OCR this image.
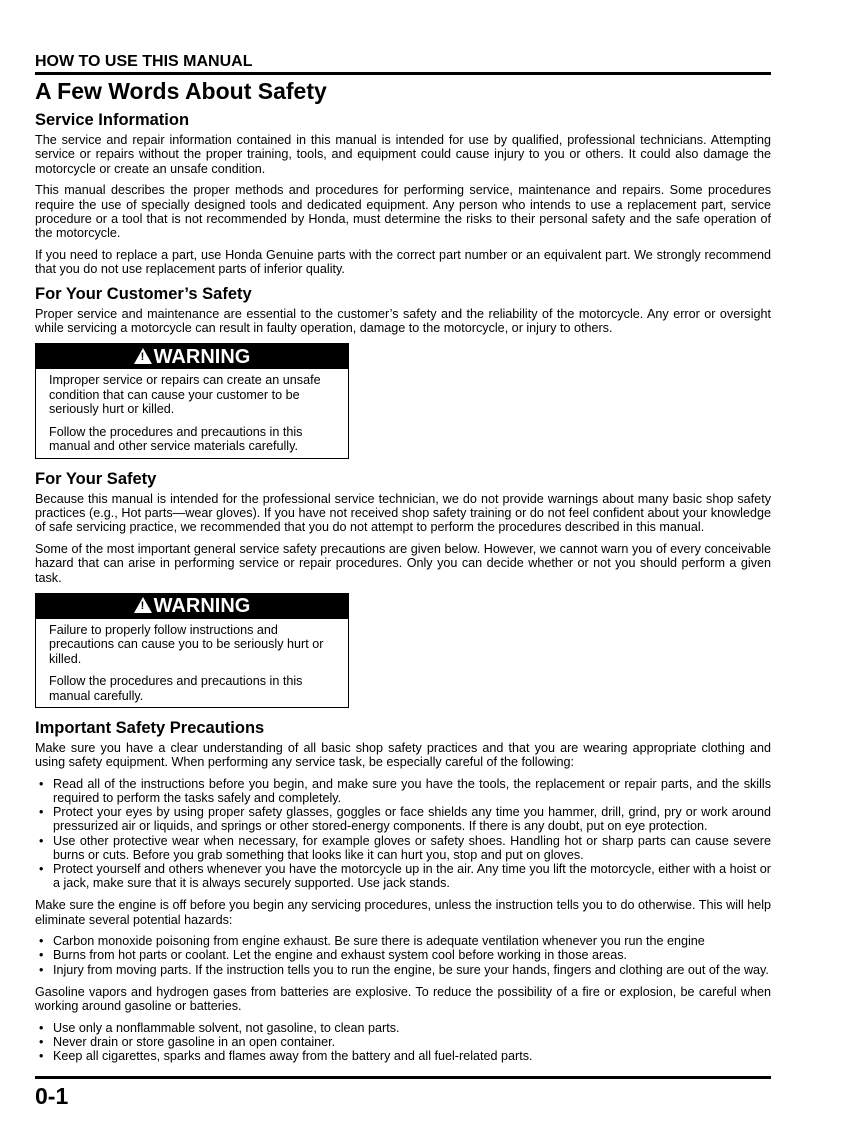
HOW TO USE THIS MANUAL
A Few Words About Safety
Service Information

The service and repair information contained in this manual is intended for use by qualified, professional technicians. Attempting service or repairs without the proper training, tools, and equipment could cause injury to you or others. It could also damage the motorcycle or create an unsafe condition.

This manual describes the proper methods and procedures for performing service, maintenance and repairs. Some procedures require the use of specially designed tools and dedicated equipment. Any person who intends to use a replacement part, service procedure or a tool that is not recommended by Honda, must determine the risks to their personal safety and the safe operation of the motorcycle.

If you need to replace a part, use Honda Genuine parts with the correct part number or an equivalent part. We strongly recommend that you do not use replacement parts of inferior quality.

For Your Customer’s Safety

Proper service and maintenance are essential to the customer’s safety and the reliability of the motorcycle. Any error or oversight while servicing a motorcycle can result in faulty operation, damage to the motorcycle, or injury to others.

! WARNING

Improper service or repairs can create an unsafe condition that can cause your customer to be seriously hurt or killed.

Follow the procedures and precautions in this manual and other service materials carefully.

For Your Safety

Because this manual is intended for the professional service technician, we do not provide warnings about many basic shop safety practices (e.g., Hot parts—wear gloves). If you have not received shop safety training or do not feel confident about your knowledge of safe servicing practice, we recommended that you do not attempt to perform the procedures described in this manual.

Some of the most important general service safety precautions are given below. However, we cannot warn you of every conceivable hazard that can arise in performing service or repair procedures. Only you can decide whether or not you should perform a given task.

! WARNING

Failure to properly follow instructions and precautions can cause you to be seriously hurt or killed.

Follow the procedures and precautions in this manual carefully.

Important Safety Precautions

Make sure you have a clear understanding of all basic shop safety practices and that you are wearing appropriate clothing and using safety equipment. When performing any service task, be especially careful of the following:

• Read all of the instructions before you begin, and make sure you have the tools, the replacement or repair parts, and the skills required to perform the tasks safely and completely.
• Protect your eyes by using proper safety glasses, goggles or face shields any time you hammer, drill, grind, pry or work around pressurized air or liquids, and springs or other stored-energy components. If there is any doubt, put on eye protection.
• Use other protective wear when necessary, for example gloves or safety shoes. Handling hot or sharp parts can cause severe burns or cuts. Before you grab something that looks like it can hurt you, stop and put on gloves.
• Protect yourself and others whenever you have the motorcycle up in the air. Any time you lift the motorcycle, either with a hoist or a jack, make sure that it is always securely supported. Use jack stands.

Make sure the engine is off before you begin any servicing procedures, unless the instruction tells you to do otherwise. This will help eliminate several potential hazards:

• Carbon monoxide poisoning from engine exhaust. Be sure there is adequate ventilation whenever you run the engine
• Burns from hot parts or coolant. Let the engine and exhaust system cool before working in those areas.
• Injury from moving parts. If the instruction tells you to run the engine, be sure your hands, fingers and clothing are out of the way.

Gasoline vapors and hydrogen gases from batteries are explosive. To reduce the possibility of a fire or explosion, be careful when working around gasoline or batteries.

• Use only a nonflammable solvent, not gasoline, to clean parts.
• Never drain or store gasoline in an open container.
• Keep all cigarettes, sparks and flames away from the battery and all fuel-related parts.
0-1
